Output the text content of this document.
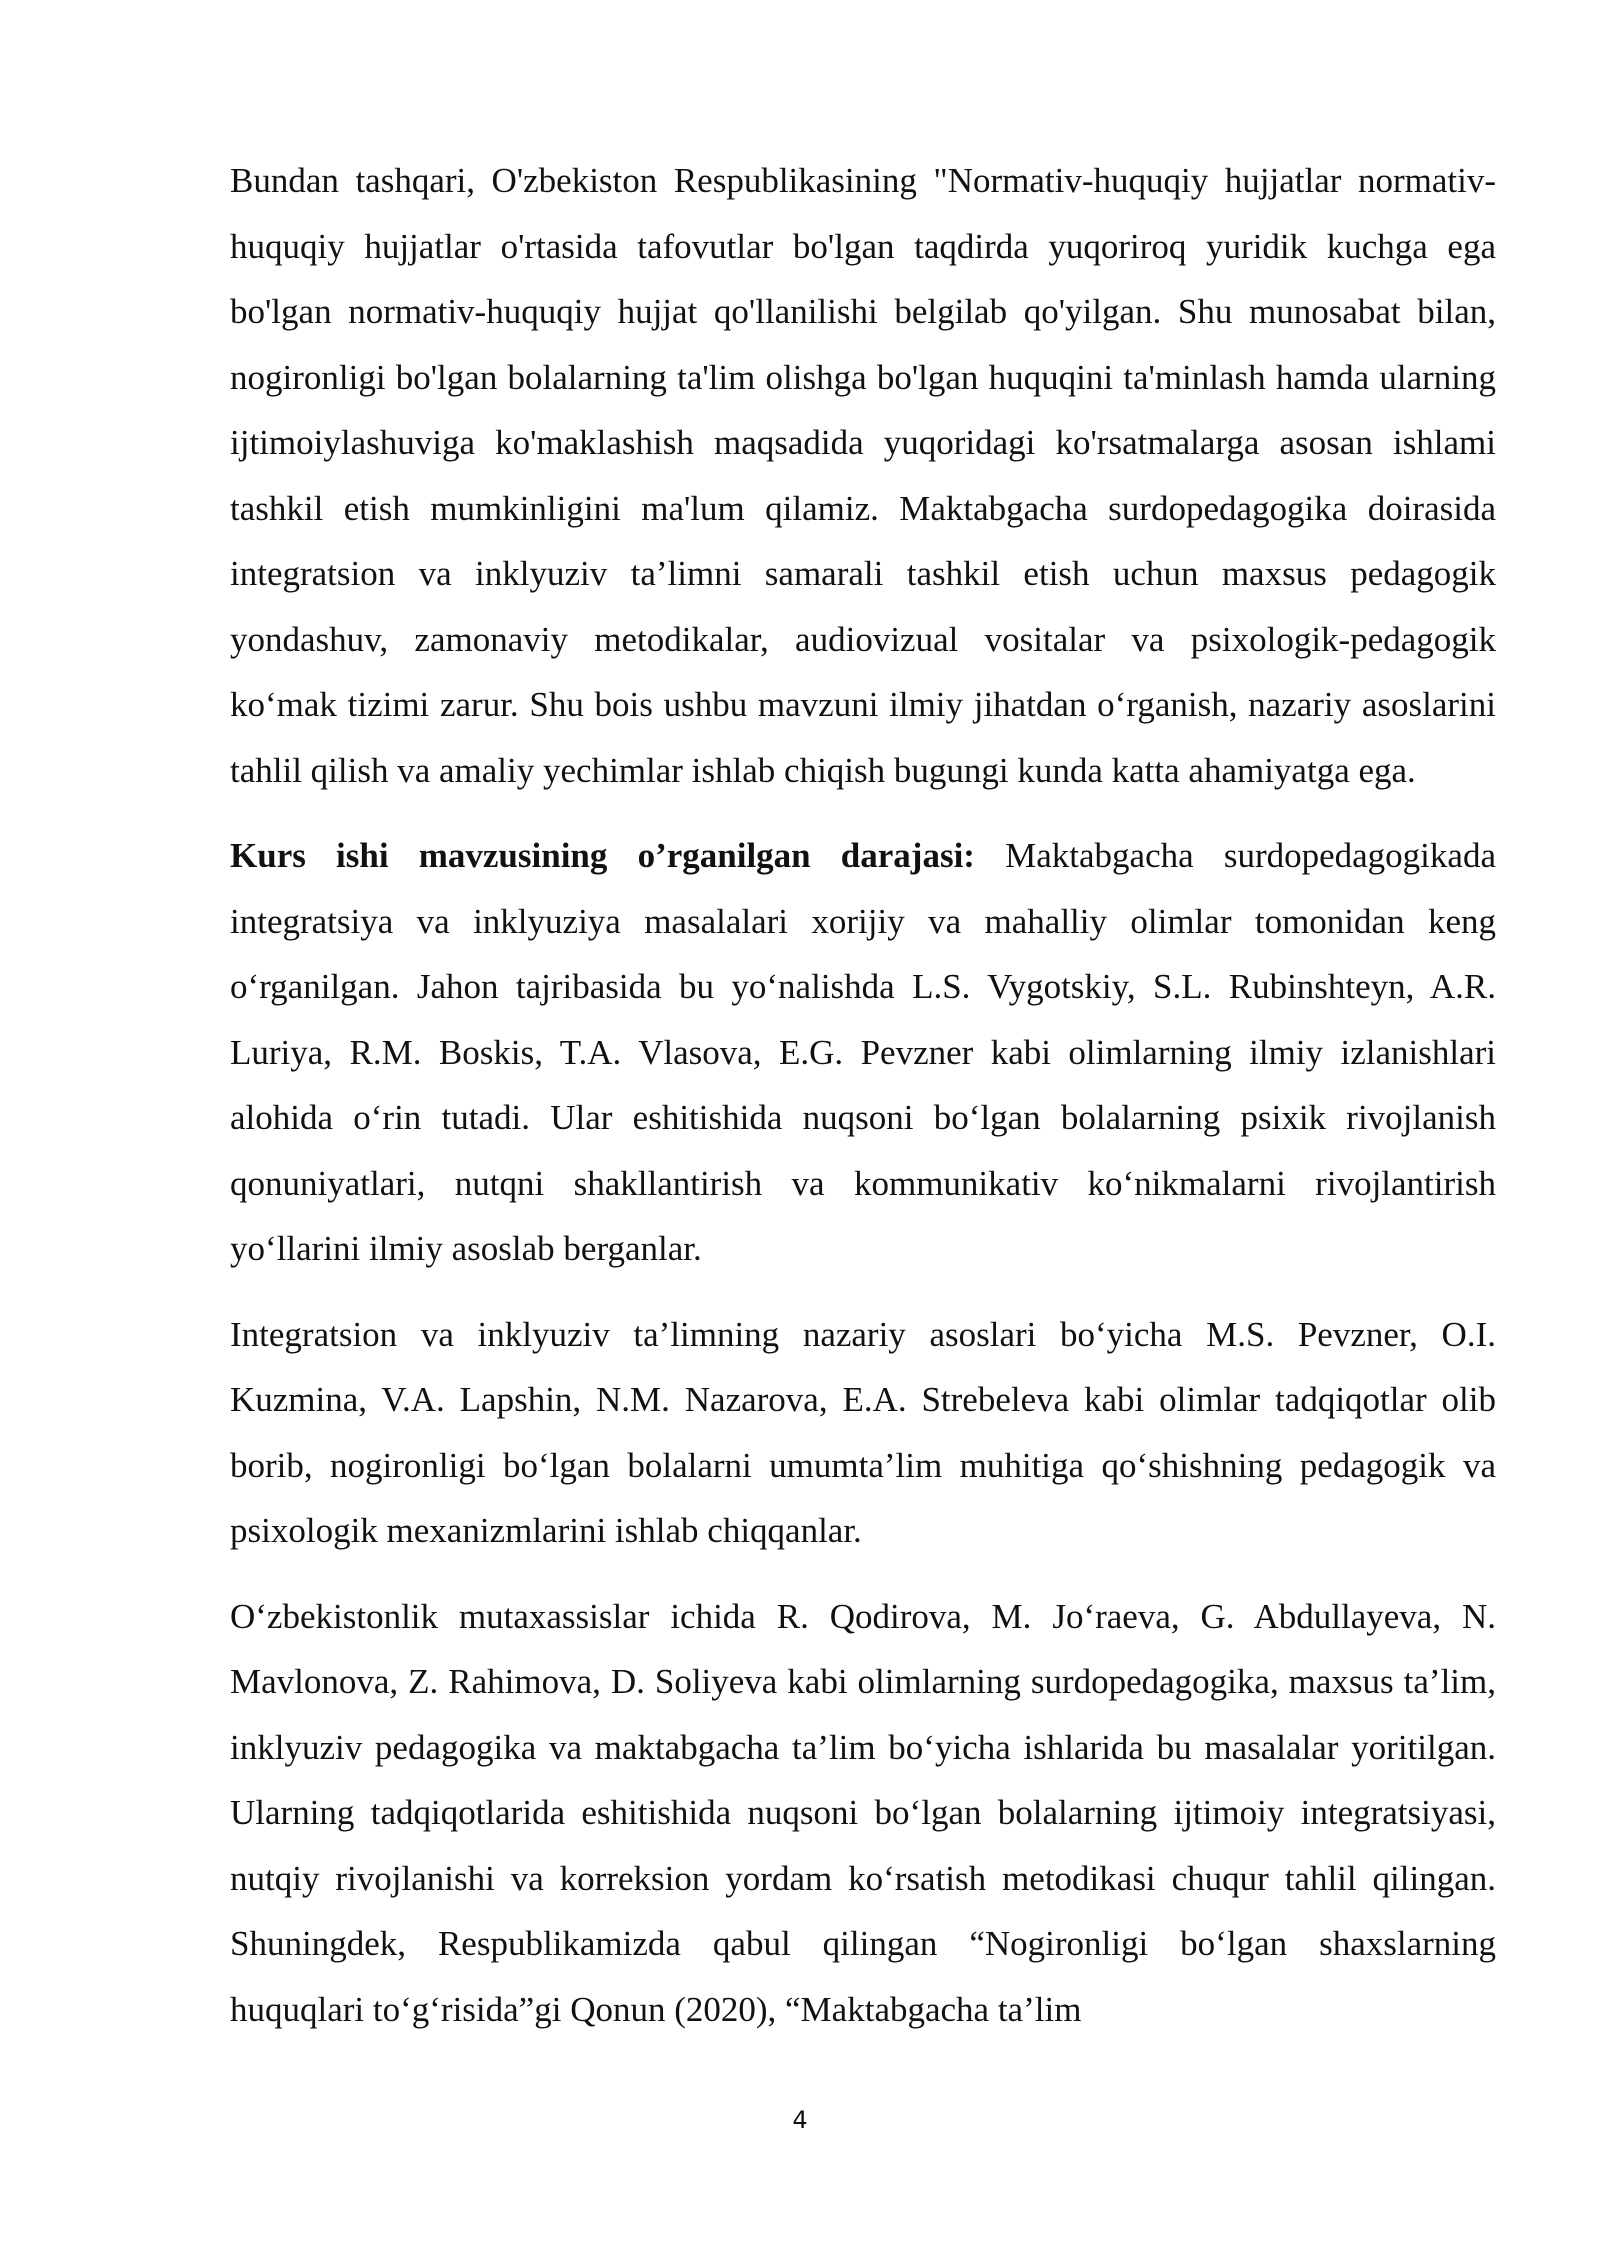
Bundan tashqari, O'zbekiston Respublikasining "Normativ-huquqiy hujjatlar normativ-huquqiy hujjatlar o'rtasida tafovutlar bo'lgan taqdirda yuqoriroq yuridik kuchga ega bo'lgan normativ-huquqiy hujjat qo'llanilishi belgilab qo'yilgan. Shu munosabat bilan, nogironligi bo'lgan bolalarning ta'lim olishga bo'lgan huquqini ta'minlash hamda ularning ijtimoiylashuviga ko'maklashish maqsadida yuqoridagi ko'rsatmalarga asosan ishlami tashkil etish mumkinligini ma'lum qilamiz. Maktabgacha surdopedagogika doirasida integratsion va inklyuziv ta’limni samarali tashkil etish uchun maxsus pedagogik yondashuv, zamonaviy metodikalar, audiovizual vositalar va psixologik-pedagogik ko‘mak tizimi zarur. Shu bois ushbu mavzuni ilmiy jihatdan o‘rganish, nazariy asoslarini tahlil qilish va amaliy yechimlar ishlab chiqish bugungi kunda katta ahamiyatga ega.

Kurs ishi mavzusining o’rganilgan darajasi: Maktabgacha surdopedagogikada integratsiya va inklyuziya masalalari xorijiy va mahalliy olimlar tomonidan keng o‘rganilgan. Jahon tajribasida bu yo‘nalishda L.S. Vygotskiy, S.L. Rubinshteyn, A.R. Luriya, R.M. Boskis, T.A. Vlasova, E.G. Pevzner kabi olimlarning ilmiy izlanishlari alohida o‘rin tutadi. Ular eshitishida nuqsoni bo‘lgan bolalarning psixik rivojlanish qonuniyatlari, nutqni shakllantirish va kommunikativ ko‘nikmalarni rivojlantirish yo‘llarini ilmiy asoslab berganlar.

Integratsion va inklyuziv ta’limning nazariy asoslari bo‘yicha M.S. Pevzner, O.I. Kuzmina, V.A. Lapshin, N.M. Nazarova, E.A. Strebeleva kabi olimlar tadqiqotlar olib borib, nogironligi bo‘lgan bolalarni umumta’lim muhitiga qo‘shishning pedagogik va psixologik mexanizmlarini ishlab chiqqanlar.

O‘zbekistonlik mutaxassislar ichida R. Qodirova, M. Jo‘raeva, G. Abdullayeva, N. Mavlonova, Z. Rahimova, D. Soliyeva kabi olimlarning surdopedagogika, maxsus ta’lim, inklyuziv pedagogika va maktabgacha ta’lim bo‘yicha ishlarida bu masalalar yoritilgan. Ularning tadqiqotlarida eshitishida nuqsoni bo‘lgan bolalarning ijtimoiy integratsiyasi, nutqiy rivojlanishi va korreksion yordam ko‘rsatish metodikasi chuqur tahlil qilingan. Shuningdek, Respublikamizda qabul qilingan “Nogironligi bo‘lgan shaxslarning huquqlari to‘g‘risida”gi Qonun (2020), “Maktabgacha ta’lim

4
